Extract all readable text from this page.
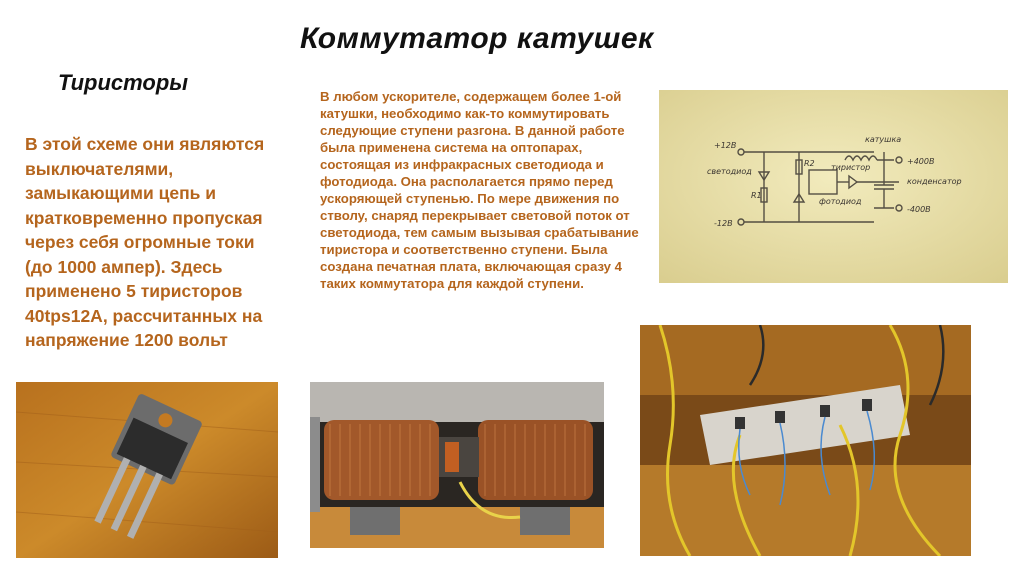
Коммутатор катушек
Тиристоры
В этой схеме они являются выключателями, замыкающими цепь и кратковременно пропуская через себя огромные токи (до 1000 ампер). Здесь применено 5 тиристоров 40tps12A, рассчитанных на напряжение 1200 вольт
В любом ускорителе, содержащем более 1-ой катушки, необходимо как-то коммутировать следующие ступени разгона. В данной работе была применена система на оптопарах, состоящая из инфракрасных светодиода и фотодиода. Она располагается прямо перед ускоряющей ступенью. По мере движения по стволу, снаряд перекрывает световой поток от светодиода, тем самым вызывая срабатывание тиристора и соответственно ступени. Была создана печатная плата, включающая сразу 4 таких коммутатора для каждой ступени.
+12В
-12В
R1
R2
светодиод	тиристор
фотодиод
катушка
+400В
конденсатор
-400В
